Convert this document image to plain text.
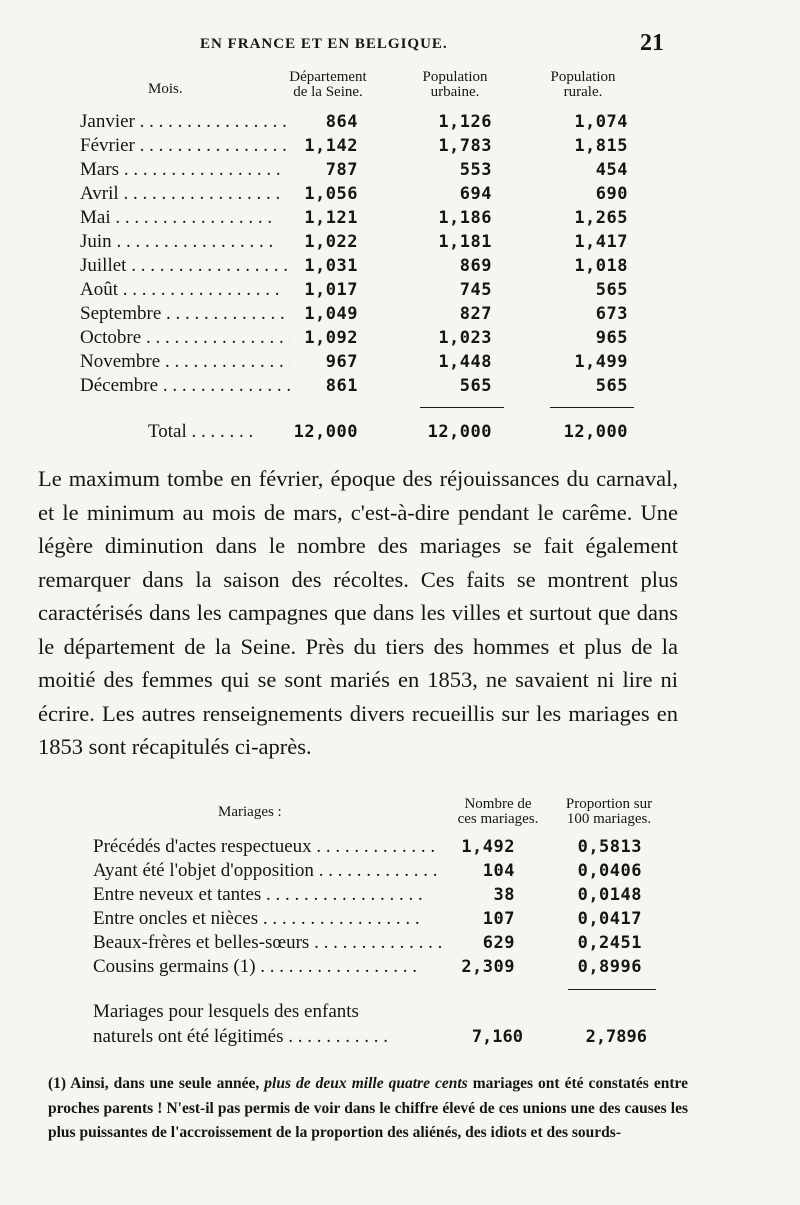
EN FRANCE ET EN BELGIQUE.	21
Mois.
Département
de la Seine.
Population
urbaine.
Population
rurale.
Janvier . . .	864	1,126	1,074
Février . . .	1,142	1,783	1,815
Mars . . .	787	553	454
Avril . . .	1,056	694	690
Mai . . .	1,121	1,186	1,265
Juin . . .	1,022	1,181	1,417
Juillet . . .	1,031	869	1,018
Août . . .	1,017	745	565
Septembre . . .	1,049	827	673
Octobre . . .	1,092	1,023	965
Novembre . . .	967	1,448	1,499
Décembre . . .	861	565	565
Total . . .	12,000	12,000	12,000
Le maximum tombe en février, époque des réjouissances du carnaval, et le minimum au mois de mars, c'est-à-dire pendant le carême. Une légère diminution dans le nombre des mariages se fait également remarquer dans la saison des récoltes. Ces faits se montrent plus caractérisés dans les campagnes que dans les villes et surtout que dans le département de la Seine. Près du tiers des hommes et plus de la moitié des femmes qui se sont mariés en 1853, ne savaient ni lire ni écrire. Les autres renseignements divers recueillis sur les mariages en 1853 sont récapitulés ci-après.
Mariages :	Nombre de
ces mariages.
Proportion sur
100 mariages.
Précédés d'actes respectueux . . .	1,492	0,5813
Ayant été l'objet d'opposition . . .	104	0,0406
Entre neveux et tantes . . .	38	0,0148
Entre oncles et nièces . . .	107	0,0417
Beaux-frères et belles-sœurs . . .	629	0,2451
Cousins germains (1) . . .	2,309	0,8996
Mariages pour lesquels des enfants
naturels ont été légitimés . . .	7,160	2,7896
(1) Ainsi, dans une seule année, plus de deux mille quatre cents mariages ont été constatés entre proches parents ! N'est-il pas permis de voir dans le chiffre élevé de ces unions une des causes les plus puissantes de l'accroissement de la proportion des aliénés, des idiots et des sourds-
